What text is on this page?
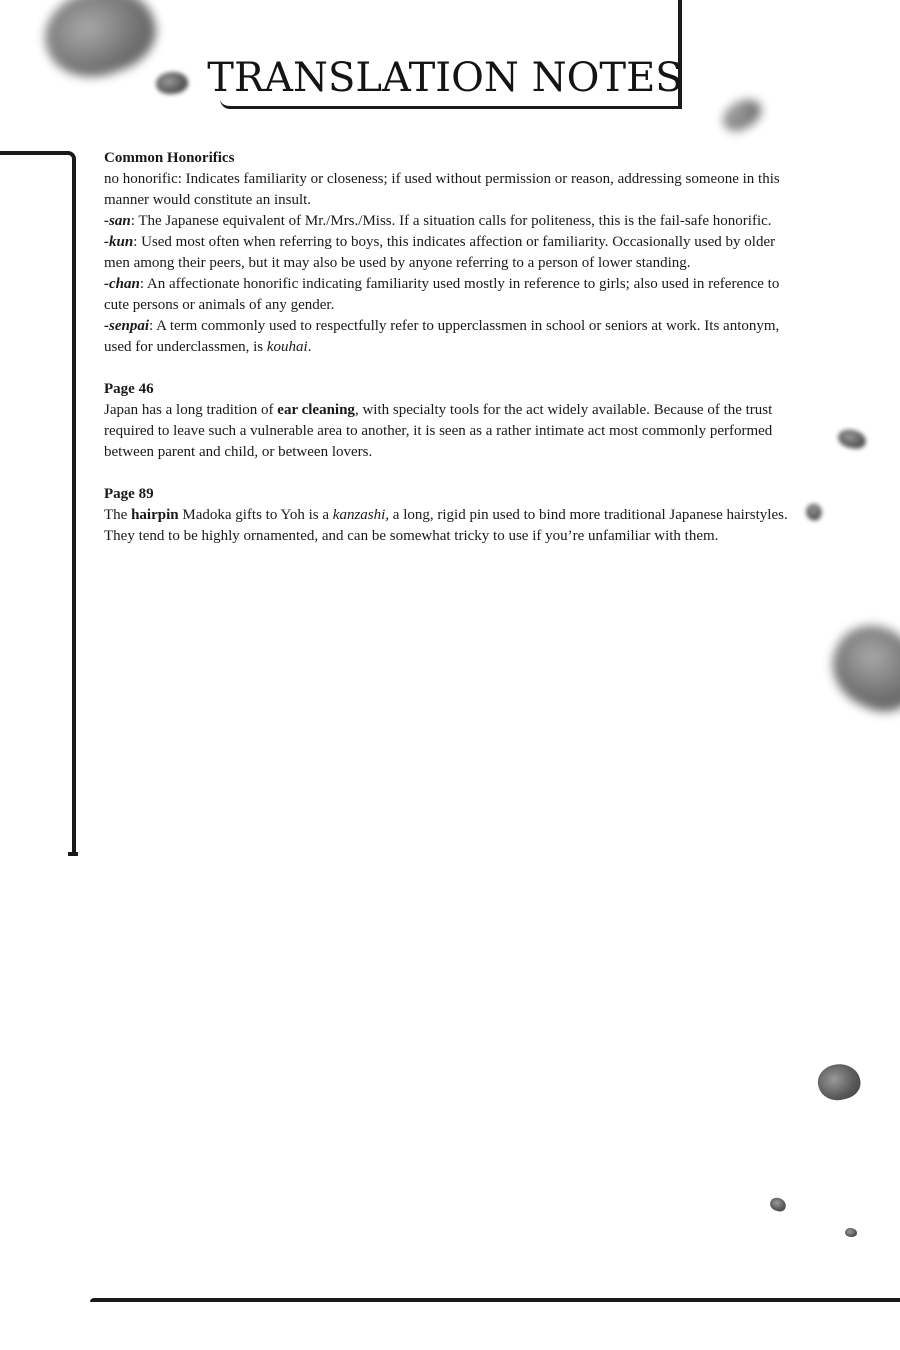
TRANSLATION NOTES

Common Honorifics

no honorific: Indicates familiarity or closeness; if used without permission or reason, addressing someone in this manner would constitute an insult.

-san: The Japanese equivalent of Mr./Mrs./Miss. If a situation calls for politeness, this is the fail-safe honorific.

-kun: Used most often when referring to boys, this indicates affection or familiarity. Occasionally used by older men among their peers, but it may also be used by anyone referring to a person of lower standing.

-chan: An affectionate honorific indicating familiarity used mostly in reference to girls; also used in reference to cute persons or animals of any gender.

-senpai: A term commonly used to respectfully refer to upperclassmen in school or seniors at work. Its antonym, used for underclassmen, is kouhai.

Page 46

Japan has a long tradition of ear cleaning, with specialty tools for the act widely available. Because of the trust required to leave such a vulnerable area to another, it is seen as a rather intimate act most commonly performed between parent and child, or between lovers.

Page 89

The hairpin Madoka gifts to Yoh is a kanzashi, a long, rigid pin used to bind more traditional Japanese hairstyles. They tend to be highly ornamented, and can be somewhat tricky to use if you’re unfamiliar with them.
